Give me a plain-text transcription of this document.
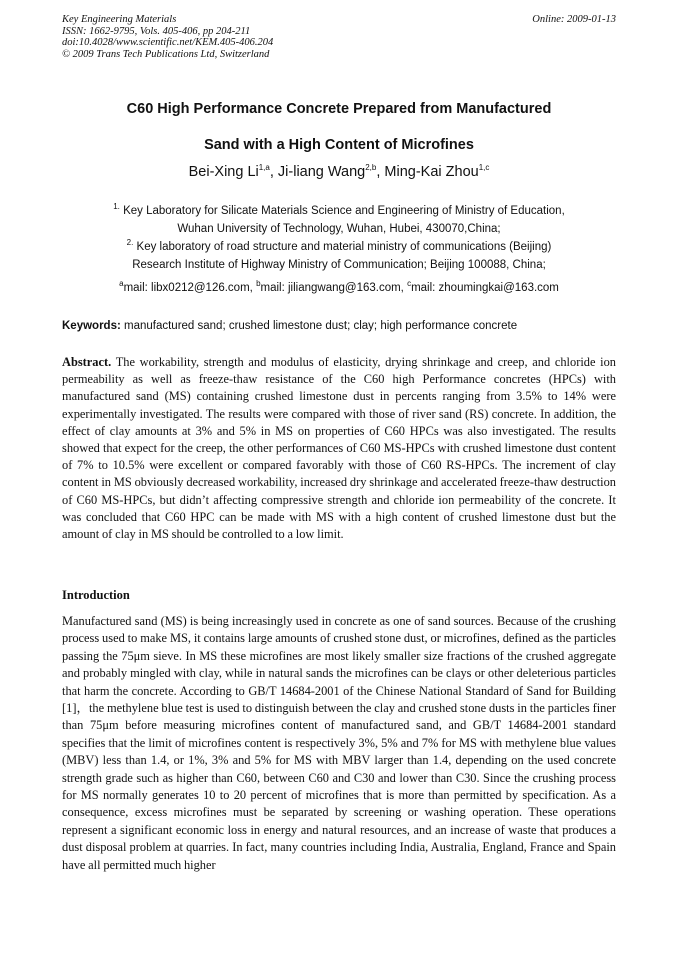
Key Engineering Materials
ISSN: 1662-9795, Vols. 405-406, pp 204-211
doi:10.4028/www.scientific.net/KEM.405-406.204
© 2009 Trans Tech Publications Ltd, Switzerland
Online: 2009-01-13
C60 High Performance Concrete Prepared from Manufactured
Sand with a High Content of Microfines
Bei-Xing Li$^{1,a}$, Ji-liang Wang$^{2,b}$, Ming-Kai Zhou$^{1,c}$
$^{1.}$ Key Laboratory for Silicate Materials Science and Engineering of Ministry of Education,
Wuhan University of Technology, Wuhan, Hubei, 430070,China;
$^{2.}$ Key laboratory of road structure and material ministry of communications (Beijing)
Research Institute of Highway Ministry of Communication; Beijing 100088, China;
$^a$mail: libx0212@126.com, $^b$mail: jiliangwang@163.com, $^c$mail: zhoumingkai@163.com
Keywords: manufactured sand; crushed limestone dust; clay; high performance concrete
Abstract. The workability, strength and modulus of elasticity, drying shrinkage and creep, and chloride ion permeability as well as freeze-thaw resistance of the C60 high Performance concretes (HPCs) with manufactured sand (MS) containing crushed limestone dust in percents ranging from 3.5% to 14% were experimentally investigated. The results were compared with those of river sand (RS) concrete. In addition, the effect of clay amounts at 3% and 5% in MS on properties of C60 HPCs was also investigated. The results showed that expect for the creep, the other performances of C60 MS-HPCs with crushed limestone dust content of 7% to 10.5% were excellent or compared favorably with those of C60 RS-HPCs. The increment of clay content in MS obviously decreased workability, increased dry shrinkage and accelerated freeze-thaw destruction of C60 MS-HPCs, but didn’t affecting compressive strength and chloride ion permeability of the concrete. It was concluded that C60 HPC can be made with MS with a high content of crushed limestone dust but the amount of clay in MS should be controlled to a low limit.
Introduction
Manufactured sand (MS) is being increasingly used in concrete as one of sand sources. Because of the crushing process used to make MS, it contains large amounts of crushed stone dust, or microfines, defined as the particles passing the 75μm sieve. In MS these microfines are most likely smaller size fractions of the crushed aggregate and probably mingled with clay, while in natural sands the microfines can be clays or other deleterious particles that harm the concrete. According to GB/T 14684-2001 of the Chinese National Standard of Sand for Building [1]，the methylene blue test is used to distinguish between the clay and crushed stone dusts in the particles finer than 75μm before measuring microfines content of manufactured sand, and GB/T 14684-2001 standard specifies that the limit of microfines content is respectively 3%, 5% and 7% for MS with methylene blue values (MBV) less than 1.4, or 1%, 3% and 5% for MS with MBV larger than 1.4, depending on the used concrete strength grade such as higher than C60, between C60 and C30 and lower than C30. Since the crushing process for MS normally generates 10 to 20 percent of microfines that is more than permitted by specification. As a consequence, excess microfines must be separated by screening or washing operation. These operations represent a significant economic loss in energy and natural resources, and an increase of waste that produces a dust disposal problem at quarries. In fact, many countries including India, Australia, England, France and Spain have all permitted much higher
